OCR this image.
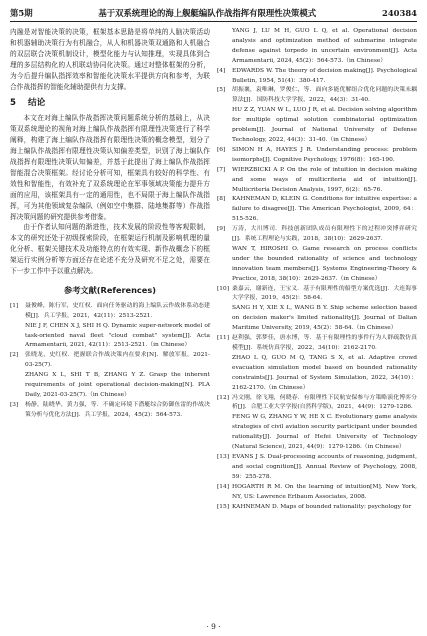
第5期	基于双系统理论的海上舰艇编队作战指挥有限理性决策模式	240384

内融是对智能决策的决策，框架基本思路是将单纯的人脑决策活动和机器辅助决策行为有机融合，从人和机器决策双通路和人机融合的双层联合决策机制设计，模型化能力与认知推理，实现具体到合理的多层结构化的人机联动协同化决策。通过对整体框架的分析，为今后提升编队指挥效率和智能化决策水平提供方向和参考，为联合作战指挥的智能化辅助提供有力支撑。

5 结论

本文在对海上编队作战指挥决策问题系统分析的基础上，从决策双系统理论的视角对海上编队作战指挥有限理性决策进行了科学阐释，构建了海上编队作战指挥有限理性决策的概念模型，划分了海上编队作战指挥有限理性决策认知偏差类型，识别了海上编队作战指挥有限理性决策认知偏差，并基于此提出了海上编队作战指挥智能混合决策框架。经讨论分析可知，框架具有较好的科学性、有效性和智能性，有效补充了双系统理论在军事领域决策能力提升方面的应用，该框架具有一定的通用性，也不局限于海上编队作战指挥，可为其他领域复杂编队（例如空中集群、陆地集群等）作战指挥决策问题的研究提供参考借鉴。

由于作者认知问题的渐进性，技术发展的阶段性等客观限制，本文的研究还处于初级探索阶段，在框架运行机制及影响机理的量化分析、框架关键技术及功能特点的有效实现、新作战概念下的框架运行实例分析等方面还存在论述不充分及研究不足之处，需要在下一步工作中予以重点解决。

参考文献(References)
[1]	聂俊峰，陈行军，史红权．面向任务驱动的海上编队云作战体系动态建模[J]．兵工学报，2021，42(11)：2513-2521．
NIE J F, CHEN X J, SHI H Q. Dynamic super-network model of task-oriented naval fleet "cloud combat" system[J]. Acta Armamentarii, 2021, 42(11)：2513-2521.（in Chinese）
[2]	张晓龙，史红权．把握联合作战决策内在要求[N]．解放军报，2021-03-25(7)．
ZHANG X L, SHI T B, ZHANG Y Z. Grasp the inherent requirements of joint operational decision-making[N]. PLA Daily, 2021-03-25(7).（in Chinese）
[3]	杨静，陆晓华，黄力强，等．不确定环境下潜艇综合防御鱼雷的作战决策分析与优化方法[J]．兵工学报，2024，45(2)：564-573．
YANG J, LU M H, GUO L Q, et al. Operational decision analysis and optimization method of submarine integrate defense against torpedo in uncertain environment[J]. Acta Armamentarii, 2024, 45(2)：564-573.（in Chinese）
[4]	EDWARDS W. The theory of decision making[J]. Psychological Bulletin, 1954, 51(4)：380-417.
[5]	胡振襄，袁唯琳，罗俊仁，等．面向多能优解组合优化问题的决策未耦算法[J]．国防科技大学学报，2022，44(3)：31-40．
HU Z Z, YUAN W L, LUO J R, et al. Decision solving algorithm for multiple optimal solution combinatorial optimization problem[J]. Journal of National University of Defense Technology, 2022, 44(3)：31-40.（in Chinese）
[6]	SIMON H A, HAYES J R. Understanding process: problem isomorphs[J]. Cognitive Psychology, 1976(8)：165-190.
[7]	WIERZBICKI A P. On the role of intuition in decision making and some ways of multicriteria aid of intuition[J]. Multicriteria Decision Analysis, 1997, 6(2)：65-76.
[8]	KAHNEMAN D, KLEIN G. Conditions for intuitive expertise: a failure to disagree[J]. The American Psychologist, 2009, 64：515-526.
[9]	万涛，大川博司．科技创新团队成员有限理性下的过程冲突博弈研究[J]．系统工程理论与实践，2018，38(10)：2629-2637．
WAN T, HIROSHI O. Game research on process conflicts under the bounded rationality of science and technology innovation team members[J]. Systems Engineering-Theory & Practice, 2018, 38(10)：2629-2637.（in Chinese）
[10] 桑嘉云，谢新连，王宝义．基于有限理性的船型方案优选[J]．大连海事大学学报，2019，45(2)：58-64．
SANG H Y, XIE X L, WANG B Y. Ship scheme selection based on decision maker's limited rationality[J]. Journal of Dalian Maritime University, 2019, 45(2)：58-64.（in Chinese）
[11] 赵利强，郭梦佳，唐水博，等．基于有限理性的事件行为人群疏散仿真模型[J]．系统仿真学报，2022，34(10)：2162-2170．
ZHAO L Q, GUO M Q, TANG S X, et al. Adaptive crowd evacuation simulation model based on bounded rationality constraints[J]. Journal of System Simulation, 2022, 34(10)：2162-2170.（in Chinese）
[12] 冯文刚，徐飞翔，何晓春．有限理性下民航安保参与方策略演化博弈分析[J]．合肥工业大学学报(自然科学版)，2021，44(9)：1279-1286．
FENG W G, ZHANG Y W, HE X C. Evolutionary game analysis strategies of civil aviation security participant under bounded rationality[J]. Journal of Hefei University of Technology (Natural Science), 2021, 44(9)：1279-1286.（in Chinese）
[13] EVANS J S. Dual-processing accounts of reasoning, judgment, and social cognition[J]. Annual Review of Psychology, 2008, 59：255-278.
[14] HOGARTH R M. On the learning of intuition[M]. New York, NY, US: Lawrence Erlbaum Associates, 2008.
[15] KAHNEMAN D. Maps of bounded rationality: psychology for
· 9 ·
